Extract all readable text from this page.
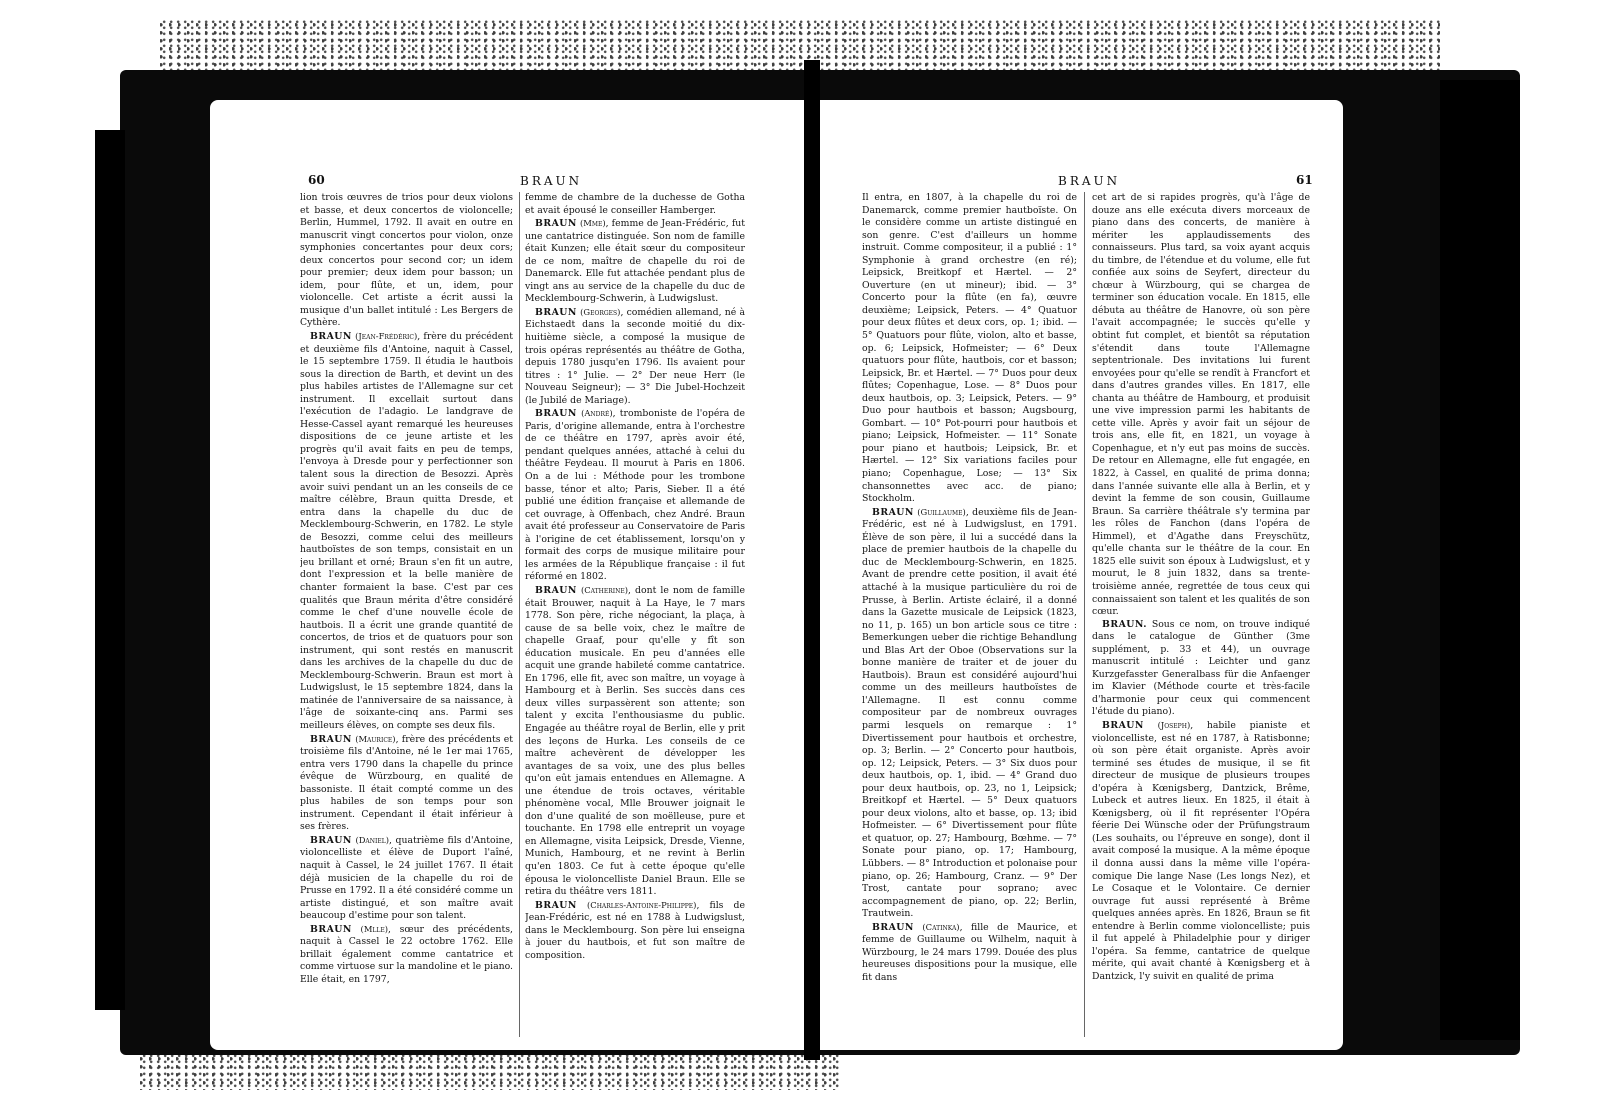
60	BRAUN	BRAUN	61

lion trois œuvres de trios pour deux violons et basse, et deux concertos de violoncelle; Berlin, Hummel, 1792. Il avait en outre en manuscrit vingt concertos pour violon, onze symphonies concertantes pour deux cors; deux concertos pour second cor; un idem pour premier; deux idem pour basson; un idem, pour flûte, et un, idem, pour violoncelle. Cet artiste a écrit aussi la musique d'un ballet intitulé : Les Bergers de Cythère.

BRAUN (Jean-Frédéric), frère du précédent et deuxième fils d'Antoine, naquit à Cassel, le 15 septembre 1759. Il étudia le hautbois sous la direction de Barth, et devint un des plus habiles artistes de l'Allemagne sur cet instrument. Il excellait surtout dans l'exécution de l'adagio. Le landgrave de Hesse-Cassel ayant remarqué les heureuses dispositions de ce jeune artiste et les progrès qu'il avait faits en peu de temps, l'envoya à Dresde pour y perfectionner son talent sous la direction de Besozzi. Après avoir suivi pendant un an les conseils de ce maître célèbre, Braun quitta Dresde, et entra dans la chapelle du duc de Mecklembourg-Schwerin, en 1782. Le style de Besozzi, comme celui des meilleurs hautboïstes de son temps, consistait en un jeu brillant et orné; Braun s'en fit un autre, dont l'expression et la belle manière de chanter formaient la base. C'est par ces qualités que Braun mérita d'être considéré comme le chef d'une nouvelle école de hautbois. Il a écrit une grande quantité de concertos, de trios et de quatuors pour son instrument, qui sont restés en manuscrit dans les archives de la chapelle du duc de Mecklembourg-Schwerin. Braun est mort à Ludwigslust, le 15 septembre 1824, dans la matinée de l'anniversaire de sa naissance, à l'âge de soixante-cinq ans. Parmi ses meilleurs élèves, on compte ses deux fils.

BRAUN (Maurice), frère des précédents et troisième fils d'Antoine, né le 1er mai 1765, entra vers 1790 dans la chapelle du prince évêque de Würzbourg, en qualité de bassoniste. Il était compté comme un des plus habiles de son temps pour son instrument. Cependant il était inférieur à ses frères.

BRAUN (Daniel), quatrième fils d'Antoine, violoncelliste et élève de Duport l'aîné, naquit à Cassel, le 24 juillet 1767. Il était déjà musicien de la chapelle du roi de Prusse en 1792. Il a été considéré comme un artiste distingué, et son maître avait beaucoup d'estime pour son talent.

BRAUN (Mlle), sœur des précédents, naquit à Cassel le 22 octobre 1762. Elle brillait également comme cantatrice et comme virtuose sur la mandoline et le piano. Elle était, en 1797,

femme de chambre de la duchesse de Gotha et avait épousé le conseiller Hamberger.

BRAUN (Mme), femme de Jean-Frédéric, fut une cantatrice distinguée. Son nom de famille était Kunzen; elle était sœur du compositeur de ce nom, maître de chapelle du roi de Danemarck. Elle fut attachée pendant plus de vingt ans au service de la chapelle du duc de Mecklembourg-Schwerin, à Ludwigslust.

BRAUN (Georges), comédien allemand, né à Eichstaedt dans la seconde moitié du dix-huitième siècle, a composé la musique de trois opéras représentés au théâtre de Gotha, depuis 1780 jusqu'en 1796. Ils avaient pour titres : 1° Julie. — 2° Der neue Herr (le Nouveau Seigneur); — 3° Die Jubel-Hochzeit (le Jubilé de Mariage).

BRAUN (André), tromboniste de l'opéra de Paris, d'origine allemande, entra à l'orchestre de ce théâtre en 1797, après avoir été, pendant quelques années, attaché à celui du théâtre Feydeau. Il mourut à Paris en 1806. On a de lui : Méthode pour les trombone basse, ténor et alto; Paris, Sieber. Il a été publié une édition française et allemande de cet ouvrage, à Offenbach, chez André. Braun avait été professeur au Conservatoire de Paris à l'origine de cet établissement, lorsqu'on y formait des corps de musique militaire pour les armées de la République française : il fut réformé en 1802.

BRAUN (Catherine), dont le nom de famille était Brouwer, naquit à La Haye, le 7 mars 1778. Son père, riche négociant, la plaça, à cause de sa belle voix, chez le maître de chapelle Graaf, pour qu'elle y fît son éducation musicale. En peu d'années elle acquit une grande habileté comme cantatrice. En 1796, elle fit, avec son maître, un voyage à Hambourg et à Berlin. Ses succès dans ces deux villes surpassèrent son attente; son talent y excita l'enthousiasme du public. Engagée au théâtre royal de Berlin, elle y prit des leçons de Hurka. Les conseils de ce maître achevèrent de développer les avantages de sa voix, une des plus belles qu'on eût jamais entendues en Allemagne. A une étendue de trois octaves, véritable phénomène vocal, Mlle Brouwer joignait le don d'une qualité de son moëlleuse, pure et touchante. En 1798 elle entreprit un voyage en Allemagne, visita Leipsick, Dresde, Vienne, Munich, Hambourg, et ne revint à Berlin qu'en 1803. Ce fut à cette époque qu'elle épousa le violoncelliste Daniel Braun. Elle se retira du théâtre vers 1811.

BRAUN (Charles-Antoine-Philippe), fils de Jean-Frédéric, est né en 1788 à Ludwigslust, dans le Mecklembourg. Son père lui enseigna à jouer du hautbois, et fut son maître de composition.

Il entra, en 1807, à la chapelle du roi de Danemarck, comme premier hautboïste. On le considère comme un artiste distingué en son genre. C'est d'ailleurs un homme instruit. Comme compositeur, il a publié : 1° Symphonie à grand orchestre (en ré); Leipsick, Breitkopf et Hærtel. — 2° Ouverture (en ut mineur); ibid. — 3° Concerto pour la flûte (en fa), œuvre deuxième; Leipsick, Peters. — 4° Quatuor pour deux flûtes et deux cors, op. 1; ibid. — 5° Quatuors pour flûte, violon, alto et basse, op. 6; Leipsick, Hofmeister; — 6° Deux quatuors pour flûte, hautbois, cor et basson; Leipsick, Br. et Hærtel. — 7° Duos pour deux flûtes; Copenhague, Lose. — 8° Duos pour deux hautbois, op. 3; Leipsick, Peters. — 9° Duo pour hautbois et basson; Augsbourg, Gombart. — 10° Pot-pourri pour hautbois et piano; Leipsick, Hofmeister. — 11° Sonate pour piano et hautbois; Leipsick, Br. et Hærtel. — 12° Six variations faciles pour piano; Copenhague, Lose; — 13° Six chansonnettes avec acc. de piano; Stockholm.

BRAUN (Guillaume), deuxième fils de Jean-Frédéric, est né à Ludwigslust, en 1791. Élève de son père, il lui a succédé dans la place de premier hautbois de la chapelle du duc de Mecklembourg-Schwerin, en 1825. Avant de prendre cette position, il avait été attaché à la musique particulière du roi de Prusse, à Berlin. Artiste éclairé, il a donné dans la Gazette musicale de Leipsick (1823, no 11, p. 165) un bon article sous ce titre : Bemerkungen ueber die richtige Behandlung und Blas Art der Oboe (Observations sur la bonne manière de traiter et de jouer du Hautbois). Braun est considéré aujourd'hui comme un des meilleurs hautboïstes de l'Allemagne. Il est connu comme compositeur par de nombreux ouvrages parmi lesquels on remarque : 1° Divertissement pour hautbois et orchestre, op. 3; Berlin. — 2° Concerto pour hautbois, op. 12; Leipsick, Peters. — 3° Six duos pour deux hautbois, op. 1, ibid. — 4° Grand duo pour deux hautbois, op. 23, no 1, Leipsick; Breitkopf et Hærtel. — 5° Deux quatuors pour deux violons, alto et basse, op. 13; ibid Hofmeister. — 6° Divertissement pour flûte et quatuor, op. 27; Hambourg, Bœhme. — 7° Sonate pour piano, op. 17; Hambourg, Lübbers. — 8° Introduction et polonaise pour piano, op. 26; Hambourg, Cranz. — 9° Der Trost, cantate pour soprano; avec accompagnement de piano, op. 22; Berlin, Trautwein.

BRAUN (Catinka), fille de Maurice, et femme de Guillaume ou Wilhelm, naquit à Würzbourg, le 24 mars 1799. Douée des plus heureuses dispositions pour la musique, elle fit dans

cet art de si rapides progrès, qu'à l'âge de douze ans elle exécuta divers morceaux de piano dans des concerts, de manière à mériter les applaudissements des connaisseurs. Plus tard, sa voix ayant acquis du timbre, de l'étendue et du volume, elle fut confiée aux soins de Seyfert, directeur du chœur à Würzbourg, qui se chargea de terminer son éducation vocale. En 1815, elle débuta au théâtre de Hanovre, où son père l'avait accompagnée; le succès qu'elle y obtint fut complet, et bientôt sa réputation s'étendit dans toute l'Allemagne septentrionale. Des invitations lui furent envoyées pour qu'elle se rendît à Francfort et dans d'autres grandes villes. En 1817, elle chanta au théâtre de Hambourg, et produisit une vive impression parmi les habitants de cette ville. Après y avoir fait un séjour de trois ans, elle fit, en 1821, un voyage à Copenhague, et n'y eut pas moins de succès. De retour en Allemagne, elle fut engagée, en 1822, à Cassel, en qualité de prima donna; dans l'année suivante elle alla à Berlin, et y devint la femme de son cousin, Guillaume Braun. Sa carrière théâtrale s'y termina par les rôles de Fanchon (dans l'opéra de Himmel), et d'Agathe dans Freyschütz, qu'elle chanta sur le théâtre de la cour. En 1825 elle suivit son époux à Ludwigslust, et y mourut, le 8 juin 1832, dans sa trente-troisième année, regrettée de tous ceux qui connaissaient son talent et les qualités de son cœur.

BRAUN. Sous ce nom, on trouve indiqué dans le catalogue de Günther (3me supplément, p. 33 et 44), un ouvrage manuscrit intitulé : Leichter und ganz Kurzgefasster Generalbass für die Anfaenger im Klavier (Méthode courte et très-facile d'harmonie pour ceux qui commencent l'étude du piano).

BRAUN (Joseph), habile pianiste et violoncelliste, est né en 1787, à Ratisbonne; où son père était organiste. Après avoir terminé ses études de musique, il se fit directeur de musique de plusieurs troupes d'opéra à Kœnigsberg, Dantzick, Brême, Lubeck et autres lieux. En 1825, il était à Kœnigsberg, où il fit représenter l'Opéra féerie Dei Wünsche oder der Prüfungstraum (Les souhaits, ou l'épreuve en songe), dont il avait composé la musique. A la même époque il donna aussi dans la même ville l'opéra-comique Die lange Nase (Les longs Nez), et Le Cosaque et le Volontaire. Ce dernier ouvrage fut aussi représenté à Brême quelques années après. En 1826, Braun se fit entendre à Berlin comme violoncelliste; puis il fut appelé à Philadelphie pour y diriger l'opéra. Sa femme, cantatrice de quelque mérite, qui avait chanté à Kœnigsberg et à Dantzick, l'y suivit en qualité de prima
